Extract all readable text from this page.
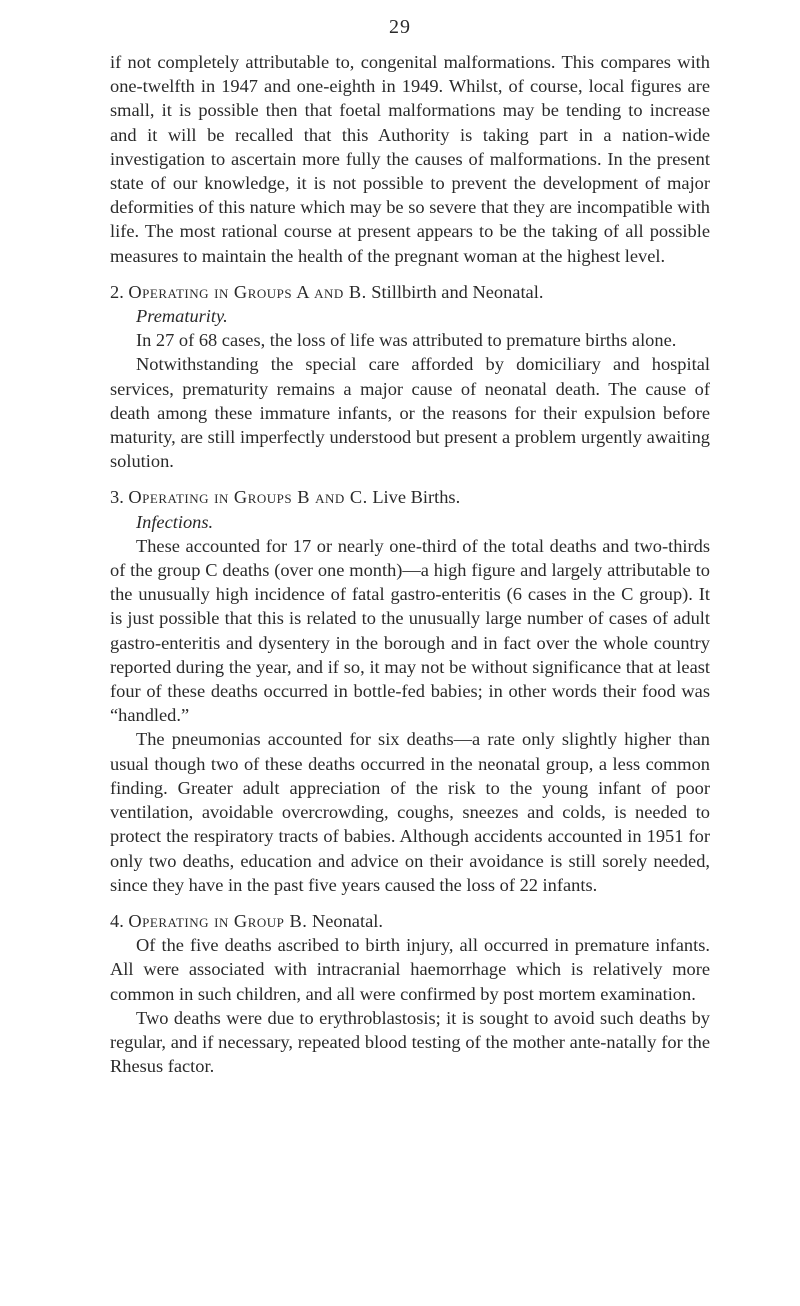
29

if not completely attributable to, congenital malformations. This compares with one-twelfth in 1947 and one-eighth in 1949. Whilst, of course, local figures are small, it is possible then that foetal malformations may be tending to increase and it will be recalled that this Authority is taking part in a nation-wide investigation to ascertain more fully the causes of malformations. In the present state of our knowledge, it is not possible to prevent the development of major deformities of this nature which may be so severe that they are incompatible with life. The most rational course at present appears to be the taking of all possible measures to maintain the health of the pregnant woman at the highest level.

2. Operating in Groups A and B. Stillbirth and Neonatal.

Prematurity.

In 27 of 68 cases, the loss of life was attributed to premature births alone.

Notwithstanding the special care afforded by domiciliary and hospital services, prematurity remains a major cause of neonatal death. The cause of death among these immature infants, or the reasons for their expulsion before maturity, are still imperfectly understood but present a problem urgently awaiting solution.

3. Operating in Groups B and C. Live Births.

Infections.

These accounted for 17 or nearly one-third of the total deaths and two-thirds of the group C deaths (over one month)—a high figure and largely attributable to the unusually high incidence of fatal gastro-enteritis (6 cases in the C group). It is just possible that this is related to the unusually large number of cases of adult gastro-enteritis and dysentery in the borough and in fact over the whole country reported during the year, and if so, it may not be without significance that at least four of these deaths occurred in bottle-fed babies; in other words their food was “handled.”

The pneumonias accounted for six deaths—a rate only slightly higher than usual though two of these deaths occurred in the neonatal group, a less common finding. Greater adult appreciation of the risk to the young infant of poor ventilation, avoidable overcrowding, coughs, sneezes and colds, is needed to protect the respiratory tracts of babies. Although accidents accounted in 1951 for only two deaths, education and advice on their avoidance is still sorely needed, since they have in the past five years caused the loss of 22 infants.

4. Operating in Group B. Neonatal.

Of the five deaths ascribed to birth injury, all occurred in premature infants. All were associated with intracranial haemorrhage which is relatively more common in such children, and all were confirmed by post mortem examination.

Two deaths were due to erythroblastosis; it is sought to avoid such deaths by regular, and if necessary, repeated blood testing of the mother ante-natally for the Rhesus factor.
